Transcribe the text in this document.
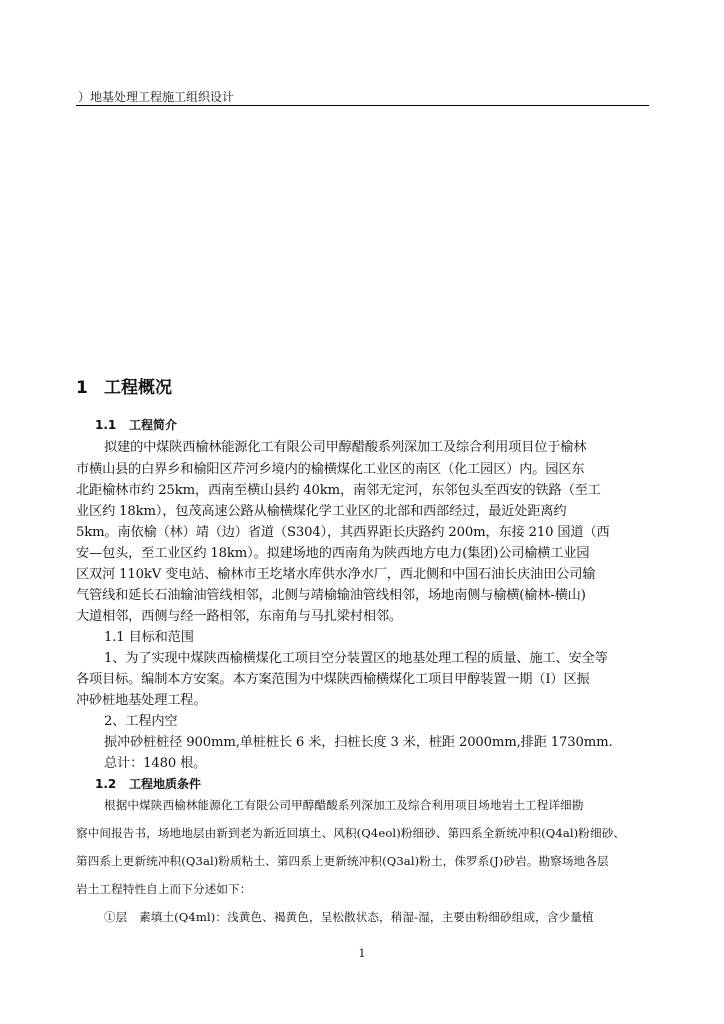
）地基处理工程施工组织设计
1 工程概况
1.1 工程简介
拟建的中煤陕西榆林能源化工有限公司甲醇醋酸系列深加工及综合利用项目位于榆林
市横山县的白界乡和榆阳区芹河乡境内的榆横煤化工业区的南区（化工园区）内。园区东
北距榆林市约 25km，西南至横山县约 40km，南邻无定河，东邻包头至西安的铁路（至工
业区约 18km），包茂高速公路从榆横煤化学工业区的北部和西部经过，最近处距离约
5km。南依榆（林）靖（边）省道（S304），其西界距长庆路约 200m，东接 210 国道（西
安—包头，至工业区约 18km）。拟建场地的西南角为陕西地方电力(集团)公司榆横工业园
区双河 110kV 变电站、榆林市王圪堵水库供水净水厂，西北侧和中国石油长庆油田公司输
气管线和延长石油输油管线相邻，北侧与靖榆输油管线相邻，场地南侧与榆横(榆林-横山)
大道相邻，西侧与经一路相邻，东南角与马扎梁村相邻。
1.1 目标和范围
1、为了实现中煤陕西榆横煤化工项目空分装置区的地基处理工程的质量、施工、安全等
各项目标。编制本方安案。本方案范围为中煤陕西榆横煤化工项目甲醇装置一期（I）区振
冲砂桩地基处理工程。
2、工程内空
振冲砂桩桩径 900mm,单桩桩长 6 米，扫桩长度 3 米，桩距 2000mm,排距 1730mm.
总计：1480 根。
1.2 工程地质条件
根据中煤陕西榆林能源化工有限公司甲醇醋酸系列深加工及综合利用项目场地岩土工程详细勘
察中间报告书，场地地层由新到老为新近回填土、风积(Q4eol)粉细砂、第四系全新统冲积(Q4al)粉细砂、
第四系上更新统冲积(Q3al)粉质粘土、第四系上更新统冲积(Q3al)粉土，侏罗系(J)砂岩。勘察场地各层
岩土工程特性自上而下分述如下：
①层　素填土(Q4ml)：浅黄色、褐黄色，呈松散状态，稍湿-湿，主要由粉细砂组成，含少量植
1
